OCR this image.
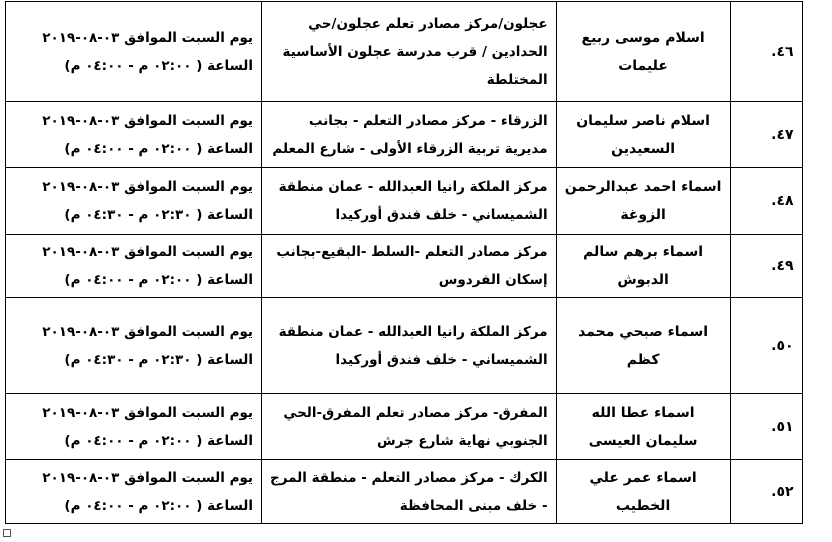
٤٦.	اسلام موسى ربيع عليمات	عجلون/مركز مصادر تعلم عجلون/حي
الحدادين / قرب مدرسة عجلون الأساسية
المختلطة	يوم السبت الموافق ٠٣-٠٨-٢٠١٩
الساعة ( ٠٢:٠٠ م - ٠٤:٠٠ م)

٤٧.	اسلام ناصر سليمان السعيدين	الزرقاء - مركز مصادر التعلم - بجانب
مديرية تربية الزرقاء الأولى - شارع المعلم	يوم السبت الموافق ٠٣-٠٨-٢٠١٩
الساعة ( ٠٢:٠٠ م - ٠٤:٠٠ م)

٤٨.	اسماء احمد عبدالرحمن الزوغة	مركز الملكة رانيا العبدالله - عمان منطقة
الشميساني - خلف فندق أوركيدا	يوم السبت الموافق ٠٣-٠٨-٢٠١٩
الساعة ( ٠٢:٣٠ م - ٠٤:٣٠ م)

٤٩.	اسماء برهم سالم الدبوش	مركز مصادر التعلم -السلط -البقيع-بجانب
إسكان الفردوس	يوم السبت الموافق ٠٣-٠٨-٢٠١٩
الساعة ( ٠٢:٠٠ م - ٠٤:٠٠ م)

٥٠.	اسماء صبحي محمد كظم	مركز الملكة رانيا العبدالله - عمان منطقة
الشميساني - خلف فندق أوركيدا	يوم السبت الموافق ٠٣-٠٨-٢٠١٩
الساعة ( ٠٢:٣٠ م - ٠٤:٣٠ م)

٥١.	اسماء عطا الله سليمان العيسى	المفرق- مركز مصادر تعلم المفرق-الحي
الجنوبي نهاية شارع جرش	يوم السبت الموافق ٠٣-٠٨-٢٠١٩
الساعة ( ٠٢:٠٠ م - ٠٤:٠٠ م)

٥٢.	اسماء عمر علي الخطيب	الكرك - مركز مصادر التعلم - منطقة المرج
- خلف مبنى المحافظة	يوم السبت الموافق ٠٣-٠٨-٢٠١٩
الساعة ( ٠٢:٠٠ م - ٠٤:٠٠ م)
